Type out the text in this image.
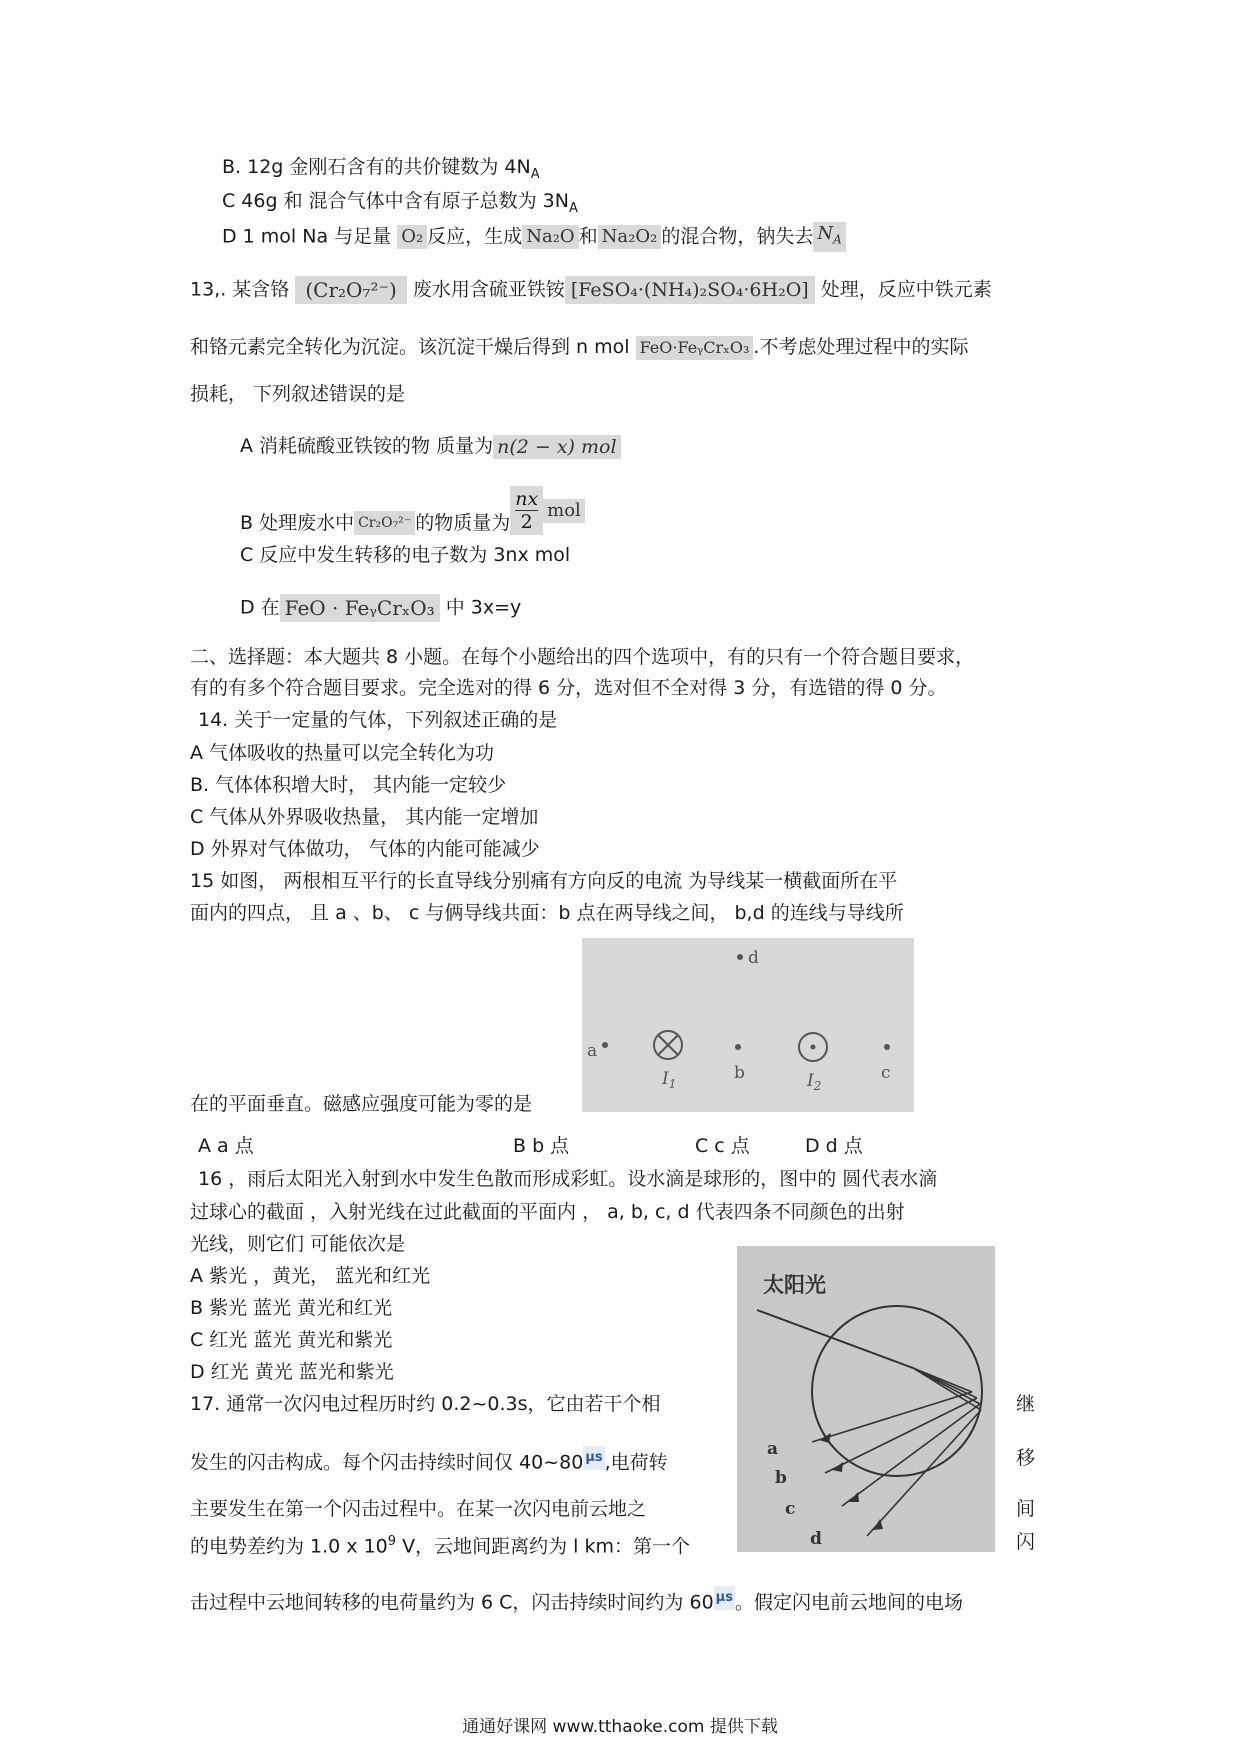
B. 12g 金刚石含有的共价键数为 $4N_A$
C 46g 和 混合气体中含有原子总数为 $3N_A$
D 1 mol Na 与足量 O₂ 反应，生成 Na₂O 和 Na₂O₂ 的混合物，钠失去 $N_A$
13,. 某含铬 (Cr₂O₇²⁻) 废水用含硫亚铁铵 [FeSO₄·(NH₄)₂SO₄·6H₂O] 处理，反应中铁元素
和铬元素完全转化为沉淀。该沉淀干燥后得到 n mol FeO·FeᵧCrₓO₃ .不考虑处理过程中的实际
损耗， 下列叙述错误的是
A 消耗硫酸亚铁铵的物 质量为 n(2 − x) mol
B 处理废水中 Cr₂O₇²⁻ 的物质量为 $\frac{nx}{2}$ mol
C 反应中发生转移的电子数为 3nx mol
D 在 FeO · FeᵧCrₓO₃ 中 3x=y
二、选择题：本大题共 8 小题。在每个小题给出的四个选项中，有的只有一个符合题目要求，
有的有多个符合题目要求。完全选对的得 6 分，选对但不全对得 3 分，有选错的得 0 分。
14. 关于一定量的气体，下列叙述正确的是
A 气体吸收的热量可以完全转化为功
B. 气体体积增大时， 其内能一定较少
C 气体从外界吸收热量， 其内能一定增加
D 外界对气体做功， 气体的内能可能减少
15 如图， 两根相互平行的长直导线分别痛有方向反的电流 为导线某一横截面所在平
面内的四点， 且 a 、b、 c 与俩导线共面：b 点在两导线之间， b,d 的连线与导线所
在的平面垂直。磁感应强度可能为零的是
d
a
$I_1$
b	$I_2$
c
A a 点	B b 点	C c 点	D d 点
16 ，雨后太阳光入射到水中发生色散而形成彩虹。设水滴是球形的，图中的 圆代表水滴
过球心的截面 ，入射光线在过此截面的平面内 ， a, b, c, d 代表四条不同颜色的出射
光线，则它们 可能依次是
A 紫光 ，黄光， 蓝光和红光
B 紫光 蓝光 黄光和红光
C 红光 蓝光 黄光和紫光
D 红光 黄光 蓝光和紫光
太阳光
a
b
c
d
17. 通常一次闪电过程历时约 0.2~0.3s，它由若干个相	继
发生的闪击构成。每个闪击持续时间仅 40~80 μs ,电荷转	移
主要发生在第一个闪击过程中。在某一次闪电前云地之	间
的电势差约为 1.0 x $10^9$ V，云地间距离约为 l km：第一个	闪
击过程中云地间转移的电荷量约为 6 C，闪击持续时间约为 60 μs 。假定闪电前云地间的电场
通通好课网 www.tthaoke.com 提供下载
